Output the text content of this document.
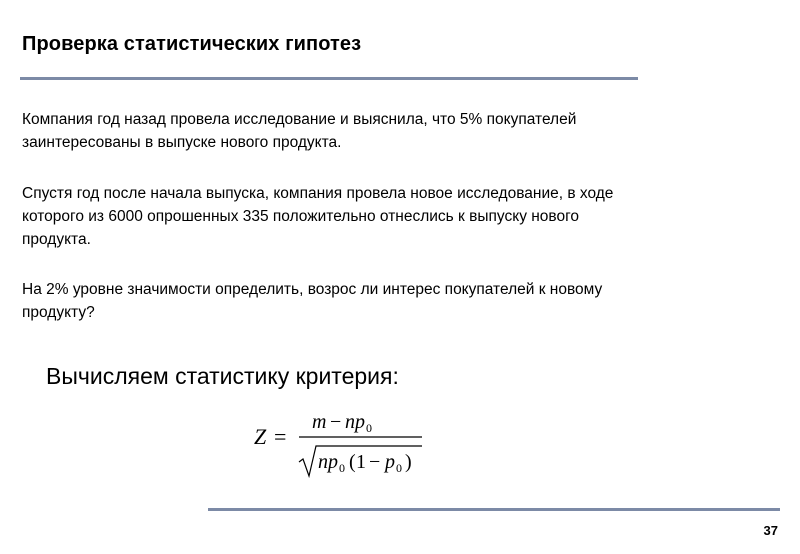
Проверка статистических гипотез
Компания год назад провела исследование и выяснила, что 5% покупателей
заинтересованы в выпуске нового продукта.
Спустя год после начала выпуска, компания провела новое исследование, в ходе
которого из 6000 опрошенных 335 положительно отнеслись к выпуску нового
продукта.
На 2% уровне значимости определить, возрос ли интерес покупателей к новому
продукту?
Вычисляем статистику критерия:
Z =
m − n p 0
n p 0 ( 1 − p 0 )
37
